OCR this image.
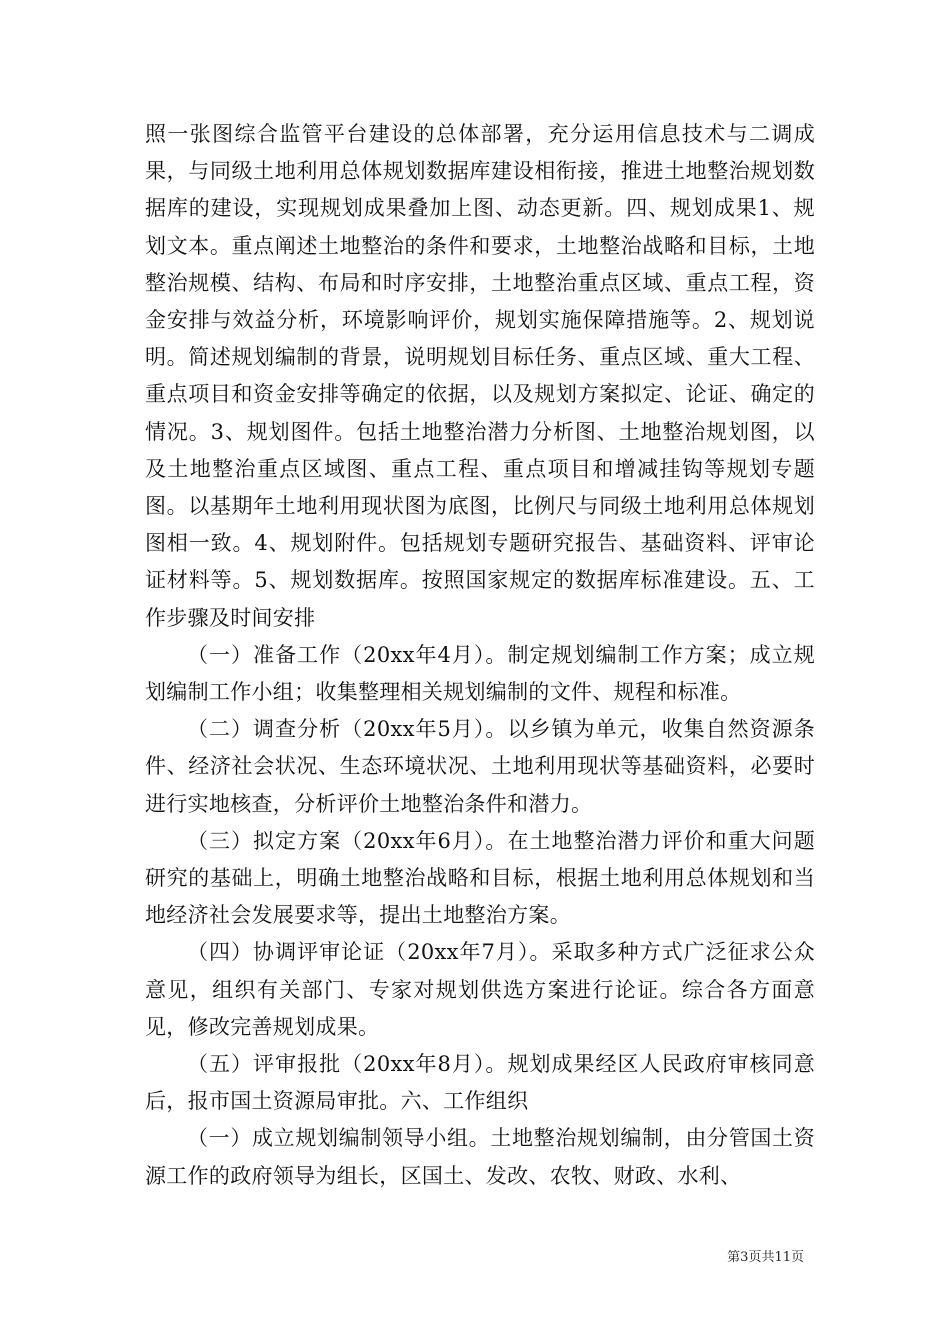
照一张图综合监管平台建设的总体部署，充分运用信息技术与二调成果，与同级土地利用总体规划数据库建设相衔接，推进土地整治规划数据库的建设，实现规划成果叠加上图、动态更新。四、规划成果1、规划文本。重点阐述土地整治的条件和要求，土地整治战略和目标，土地整治规模、结构、布局和时序安排，土地整治重点区域、重点工程，资金安排与效益分析，环境影响评价，规划实施保障措施等。2、规划说明。简述规划编制的背景，说明规划目标任务、重点区域、重大工程、重点项目和资金安排等确定的依据，以及规划方案拟定、论证、确定的情况。3、规划图件。包括土地整治潜力分析图、土地整治规划图，以及土地整治重点区域图、重点工程、重点项目和增减挂钩等规划专题图。以基期年土地利用现状图为底图，比例尺与同级土地利用总体规划图相一致。4、规划附件。包括规划专题研究报告、基础资料、评审论证材料等。5、规划数据库。按照国家规定的数据库标准建设。五、工作步骤及时间安排

（一）准备工作（20xx年4月）。制定规划编制工作方案；成立规划编制工作小组；收集整理相关规划编制的文件、规程和标准。

（二）调查分析（20xx年5月）。以乡镇为单元，收集自然资源条件、经济社会状况、生态环境状况、土地利用现状等基础资料，必要时进行实地核查，分析评价土地整治条件和潜力。

（三）拟定方案（20xx年6月）。在土地整治潜力评价和重大问题研究的基础上，明确土地整治战略和目标，根据土地利用总体规划和当地经济社会发展要求等，提出土地整治方案。

（四）协调评审论证（20xx年7月）。采取多种方式广泛征求公众意见，组织有关部门、专家对规划供选方案进行论证。综合各方面意见，修改完善规划成果。

（五）评审报批（20xx年8月）。规划成果经区人民政府审核同意后，报市国土资源局审批。六、工作组织

（一）成立规划编制领导小组。土地整治规划编制，由分管国土资源工作的政府领导为组长，区国土、发改、农牧、财政、水利、

第3页共11页
